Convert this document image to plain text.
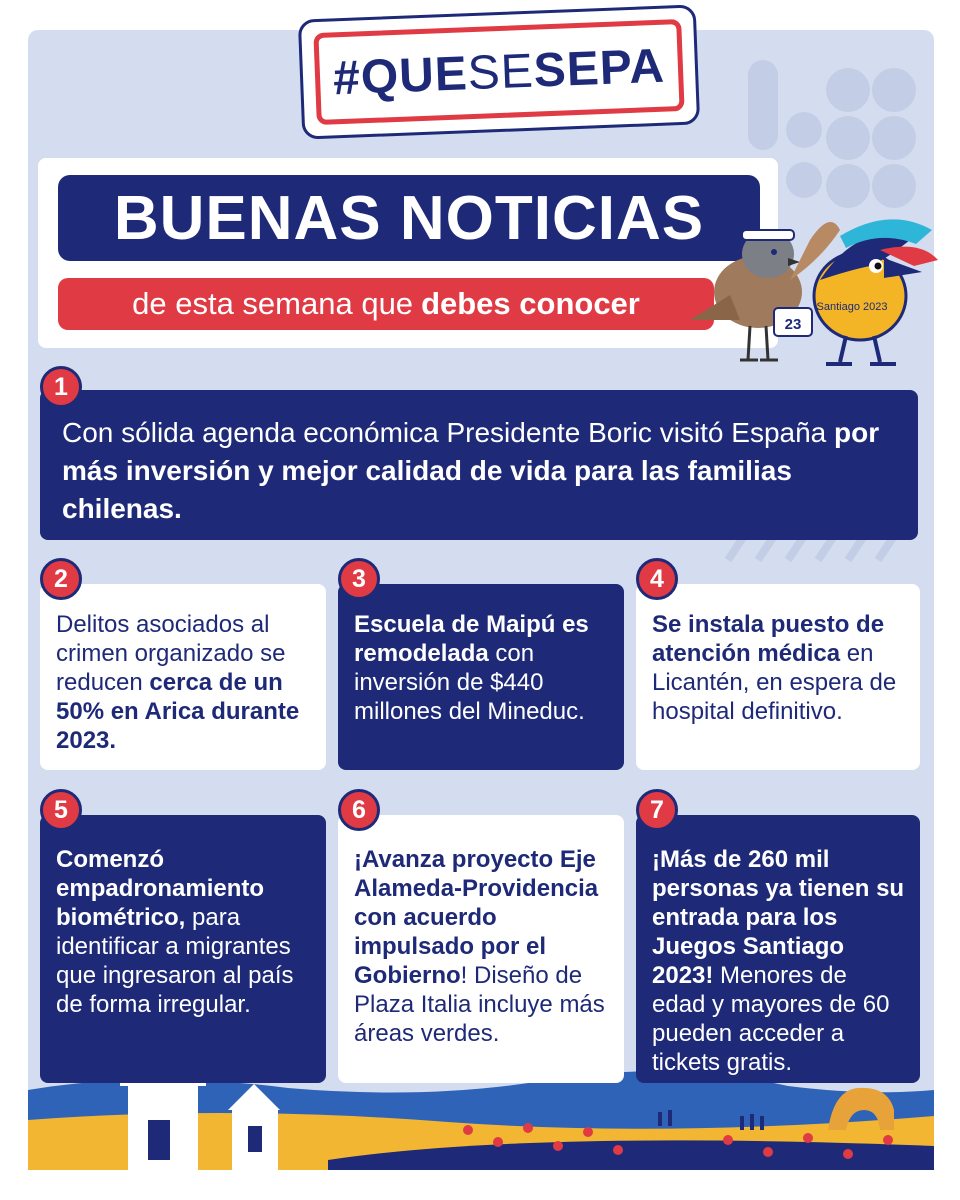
#QUE
SE
SEPA
BUENAS NOTICIAS
de esta semana que debes conocer
23
Santiago 2023
1
Con sólida agenda económica Presidente Boric visitó España por más inversión y mejor calidad de vida para las familias chilenas.
2
Delitos asociados al crimen organizado se reducen cerca de un 50% en Arica durante 2023.
3
Escuela de Maipú es remodelada con inversión de $440 millones del Mineduc.
4
Se instala puesto de atención médica en Licantén, en espera de hospital definitivo.
5
Comenzó empadronamiento biométrico, para identificar a migrantes que ingresaron al país de forma irregular.
6
¡Avanza proyecto Eje Alameda-Providencia con acuerdo impulsado por el Gobierno! Diseño de Plaza Italia incluye más áreas verdes.
7
¡Más de 260 mil personas ya tienen su entrada para los Juegos Santiago 2023! Menores de edad y mayores de 60 pueden acceder a tickets gratis.
